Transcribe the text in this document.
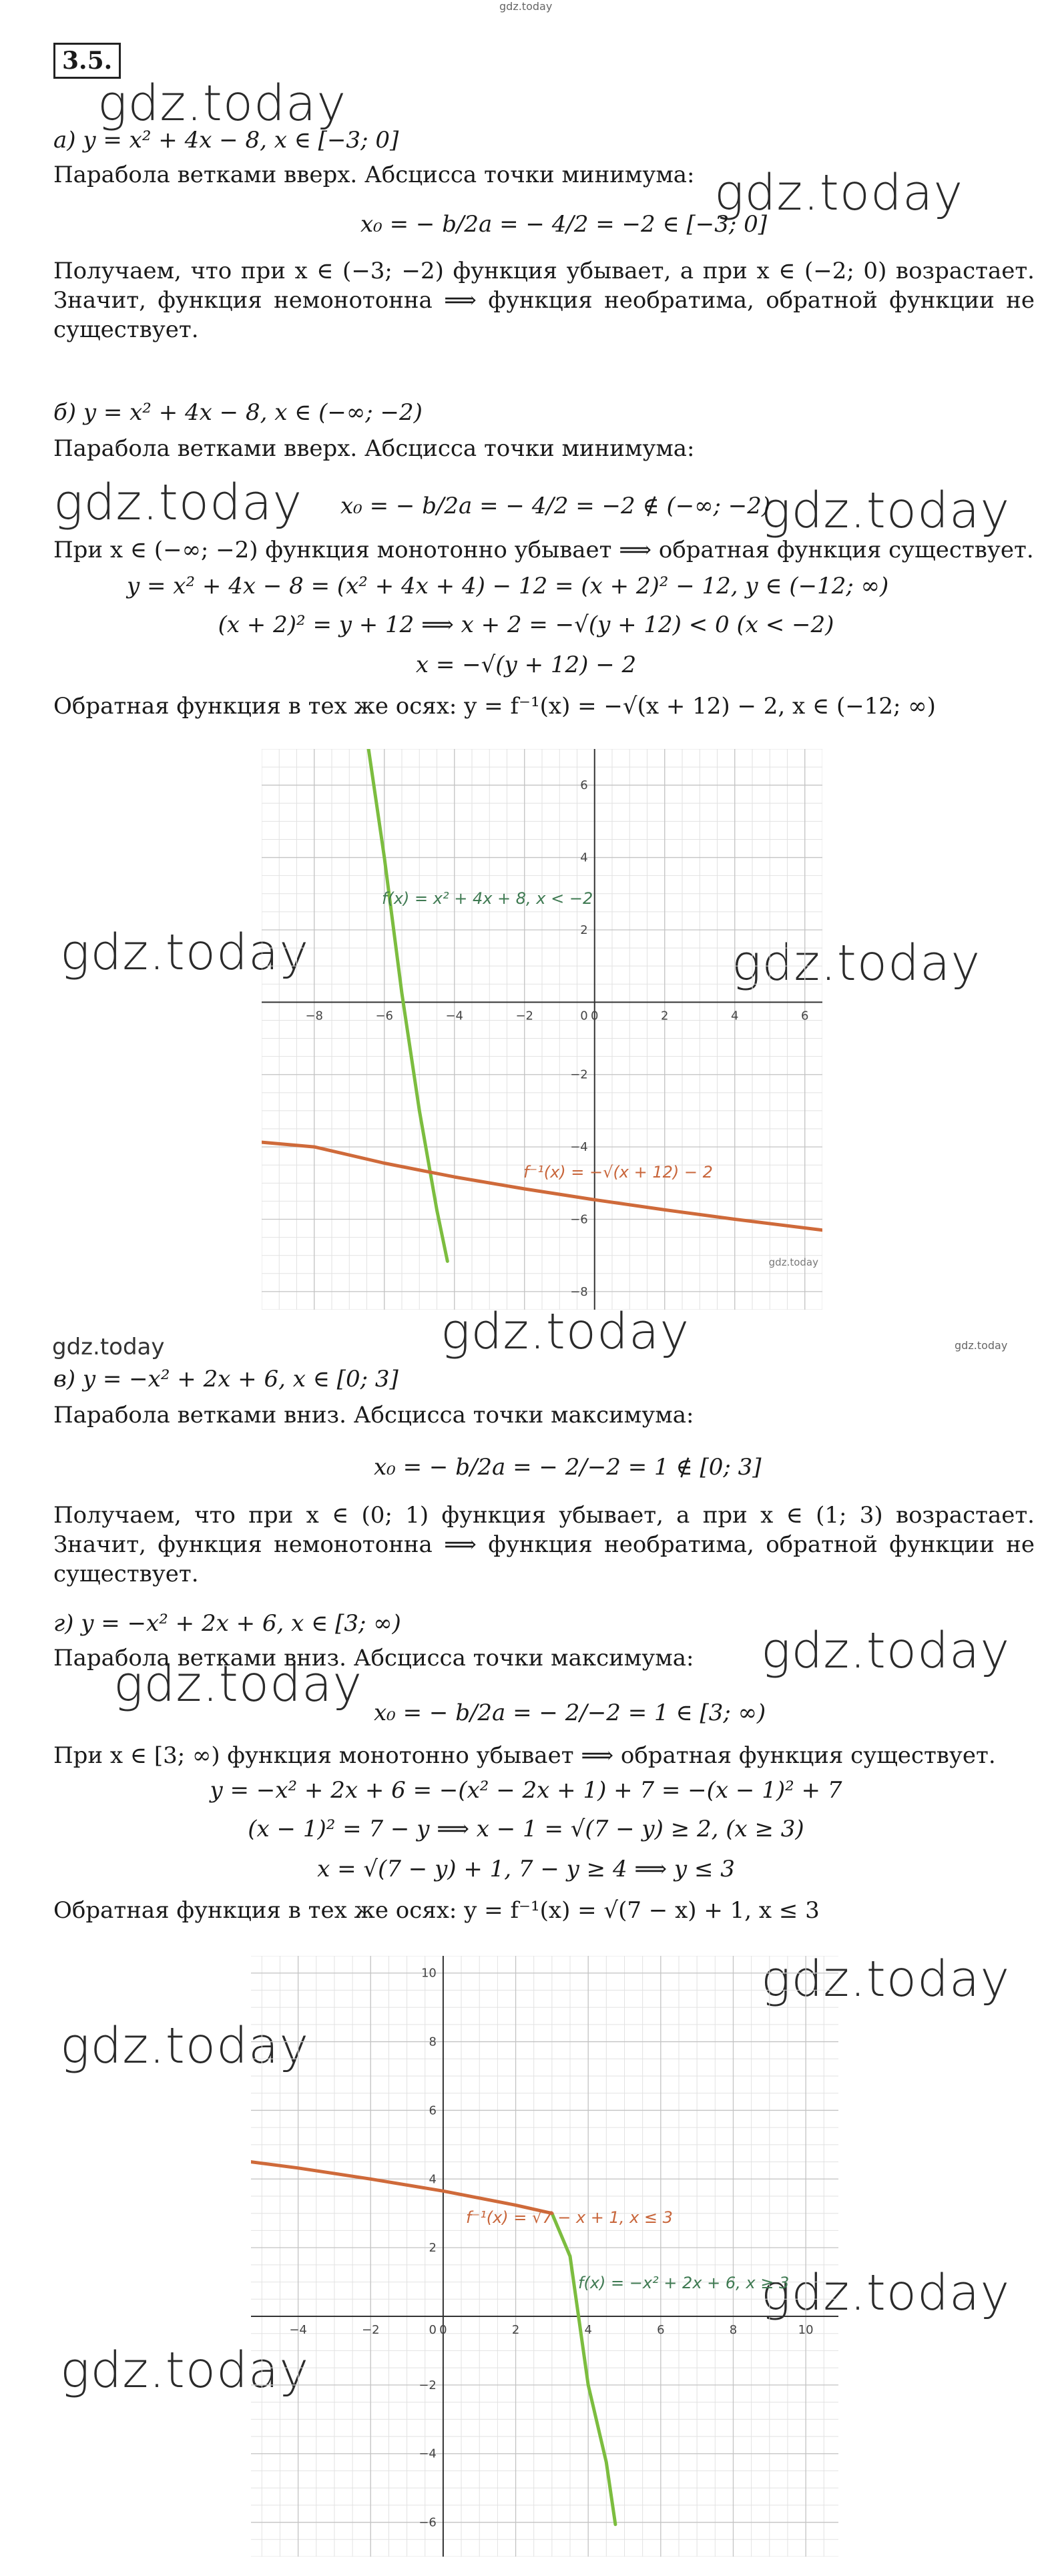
gdz.today
3.5.
gdz.today
gdz.today
gdz.today	gdz.today
gdz.today	gdz.today
gdz.today
gdz.today
gdz.today
gdz.today
gdz.today
gdz.today
gdz.today
gdz.today
gdz.today
а) y = x² + 4x − 8, x ∈ [−3; 0]
Парабола ветками вверх. Абсцисса точки минимума:
x₀ = − b/2a = − 4/2 = −2 ∈ [−3; 0]
Получаем, что при x ∈ (−3; −2) функция убывает, а при x ∈ (−2; 0) возрастает. Значит, функция немонотонна ⟹ функция необратима, обратной функции не существует.
б) y = x² + 4x − 8, x ∈ (−∞; −2)
Парабола ветками вверх. Абсцисса точки минимума:
x₀ = − b/2a = − 4/2 = −2 ∉ (−∞; −2)
При x ∈ (−∞; −2) функция монотонно убывает ⟹ обратная функция существует.
y = x² + 4x − 8 = (x² + 4x + 4) − 12 = (x + 2)² − 12, y ∈ (−12; ∞)
(x + 2)² = y + 12 ⟹ x + 2 = −√(y + 12) < 0 (x < −2)
x = −√(y + 12) − 2
Обратная функция в тех же осях: y = f⁻¹(x) = −√(x + 12) − 2, x ∈ (−12; ∞)
−8	−6	−4	−2	0	2	4	6
−8
−6
−4
−2
2
4
6
0
f(x) = x² + 4x + 8, x < −2
f⁻¹(x) = −√(x + 12) − 2
gdz.today
в) y = −x² + 2x + 6, x ∈ [0; 3]
Парабола ветками вниз. Абсцисса точки максимума:
x₀ = − b/2a = − 2/−2 = 1 ∉ [0; 3]
Получаем, что при x ∈ (0; 1) функция убывает, а при x ∈ (1; 3) возрастает. Значит, функция немонотонна ⟹ функция необратима, обратной функции не существует.
г) y = −x² + 2x + 6, x ∈ [3; ∞)
Парабола ветками вниз. Абсцисса точки максимума:
x₀ = − b/2a = − 2/−2 = 1 ∈ [3; ∞)
При x ∈ [3; ∞) функция монотонно убывает ⟹ обратная функция существует.
y = −x² + 2x + 6 = −(x² − 2x + 1) + 7 = −(x − 1)² + 7
(x − 1)² = 7 − y ⟹ x − 1 = √(7 − y) ≥ 2, (x ≥ 3)
x = √(7 − y) + 1, 7 − y ≥ 4 ⟹ y ≤ 3
Обратная функция в тех же осях: y = f⁻¹(x) = √(7 − x) + 1, x ≤ 3
−4	−2	0	2	4	6	8	10
−6
−4
−2
2
4
6
8
10
0
f(x) = −x² + 2x + 6, x ≥ 3
f⁻¹(x) = √7 − x + 1, x ≤ 3
